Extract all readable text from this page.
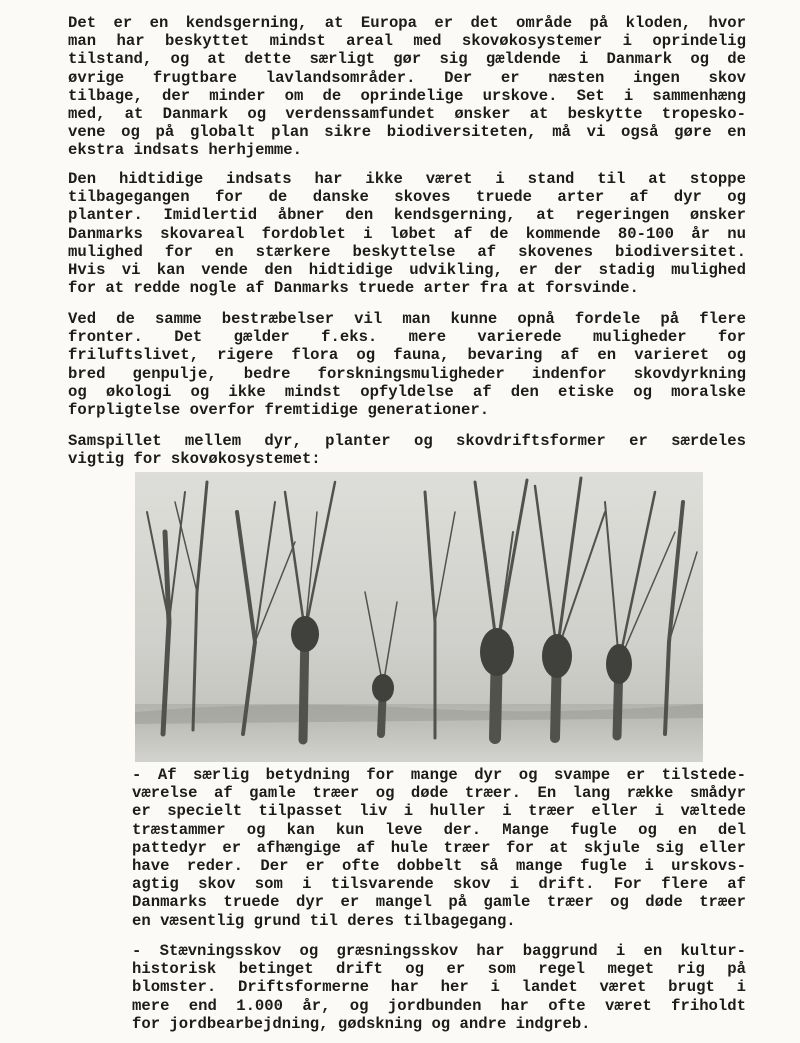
Det er en kendsgerning, at Europa er det område på kloden, hvor
man har beskyttet mindst areal med skovøkosystemer i oprindelig
tilstand, og at dette særligt gør sig gældende i Danmark og de
øvrige frugtbare lavlandsområder. Der er næsten ingen skov
tilbage, der minder om de oprindelige urskove. Set i sammenhæng
med, at Danmark og verdenssamfundet ønsker at beskytte tropesko-
vene og på globalt plan sikre biodiversiteten, må vi også gøre en
ekstra indsats herhjemme.
Den hidtidige indsats har ikke været i stand til at stoppe
tilbagegangen for de danske skoves truede arter af dyr og
planter. Imidlertid åbner den kendsgerning, at regeringen ønsker
Danmarks skovareal fordoblet i løbet af de kommende 80-100 år nu
mulighed for en stærkere beskyttelse af skovenes biodiversitet.
Hvis vi kan vende den hidtidige udvikling, er der stadig mulighed
for at redde nogle af Danmarks truede arter fra at forsvinde.
Ved de samme bestræbelser vil man kunne opnå fordele på flere
fronter. Det gælder f.eks. mere varierede muligheder for
friluftslivet, rigere flora og fauna, bevaring af en varieret og
bred genpulje, bedre forskningsmuligheder indenfor skovdyrkning
og økologi og ikke mindst opfyldelse af den etiske og moralske
forpligtelse overfor fremtidige generationer.
Samspillet mellem dyr, planter og skovdriftsformer er særdeles
vigtig for skovøkosystemet:
- Af særlig betydning for mange dyr og svampe er tilstede-
værelse af gamle træer og døde træer. En lang række smådyr
er specielt tilpasset liv i huller i træer eller i væltede
træstammer og kan kun leve der. Mange fugle og en del
pattedyr er afhængige af hule træer for at skjule sig eller
have reder. Der er ofte dobbelt så mange fugle i urskovs-
agtig skov som i tilsvarende skov i drift. For flere af
Danmarks truede dyr er mangel på gamle træer og døde træer
en væsentlig grund til deres tilbagegang.
- Stævningsskov og græsningsskov har baggrund i en kultur-
historisk betinget drift og er som regel meget rig på
blomster. Driftsformerne har her i landet været brugt i
mere end 1.000 år, og jordbunden har ofte været friholdt
for jordbearbejdning, gødskning og andre indgreb.
